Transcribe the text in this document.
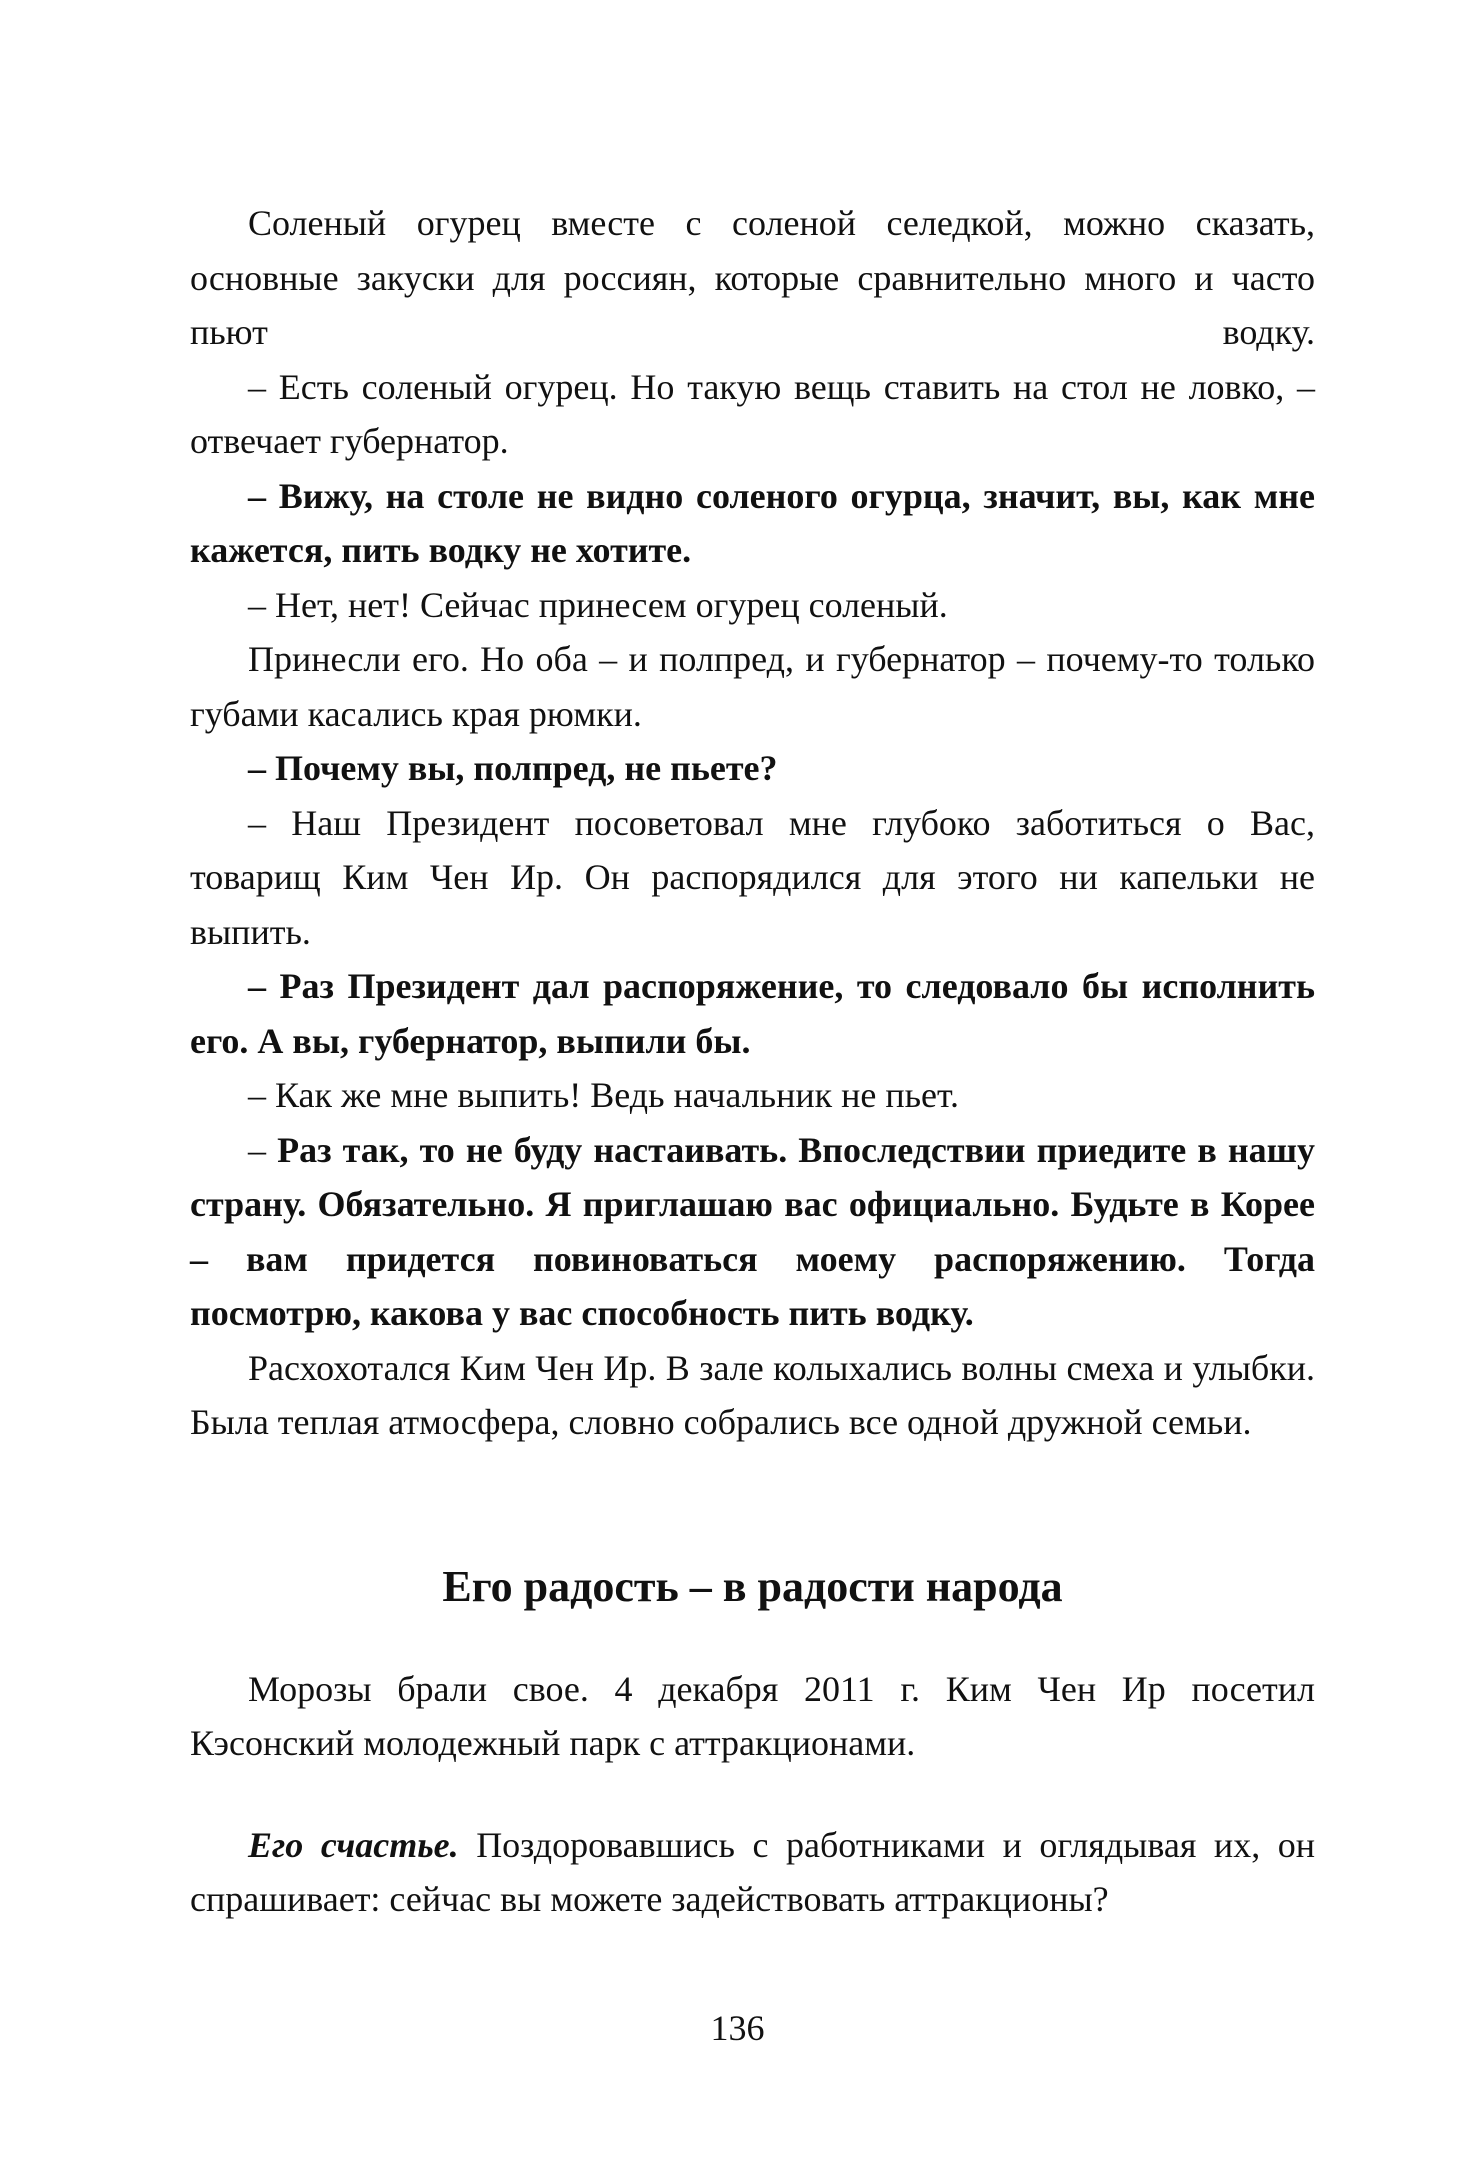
Соленый огурец вместе с соленой селедкой, можно сказать, основные закуски для россиян, которые сравнительно много и часто пьют водку.

– Есть соленый огурец. Но такую вещь ставить на стол не ловко, – отвечает губернатор.

– Вижу, на столе не видно соленого огурца, значит, вы, как мне кажется, пить водку не хотите.

– Нет, нет! Сейчас принесем огурец соленый.

Принесли его. Но оба – и полпред, и губернатор – почему-то только губами касались края рюмки.

– Почему вы, полпред, не пьете?

– Наш Президент посоветовал мне глубоко заботиться о Вас, товарищ Ким Чен Ир. Он распорядился для этого ни капельки не выпить.

– Раз Президент дал распоряжение, то следовало бы исполнить его. А вы, губернатор, выпили бы.

– Как же мне выпить! Ведь начальник не пьет.

– Раз так, то не буду настаивать. Впоследствии приедите в нашу страну. Обязательно. Я приглашаю вас официально. Будьте в Корее – вам придется повиноваться моему распоряжению. Тогда посмотрю, какова у вас способность пить водку.

Расхохотался Ким Чен Ир. В зале колыхались волны смеха и улыбки. Была теплая атмосфера, словно собрались все одной дружной семьи.

Его радость – в радости народа

Морозы брали свое. 4 декабря 2011 г. Ким Чен Ир посетил Кэсонский молодежный парк с аттракционами.

Его счастье. Поздоровавшись с работниками и оглядывая их, он спрашивает: сейчас вы можете задействовать аттракционы?

136
